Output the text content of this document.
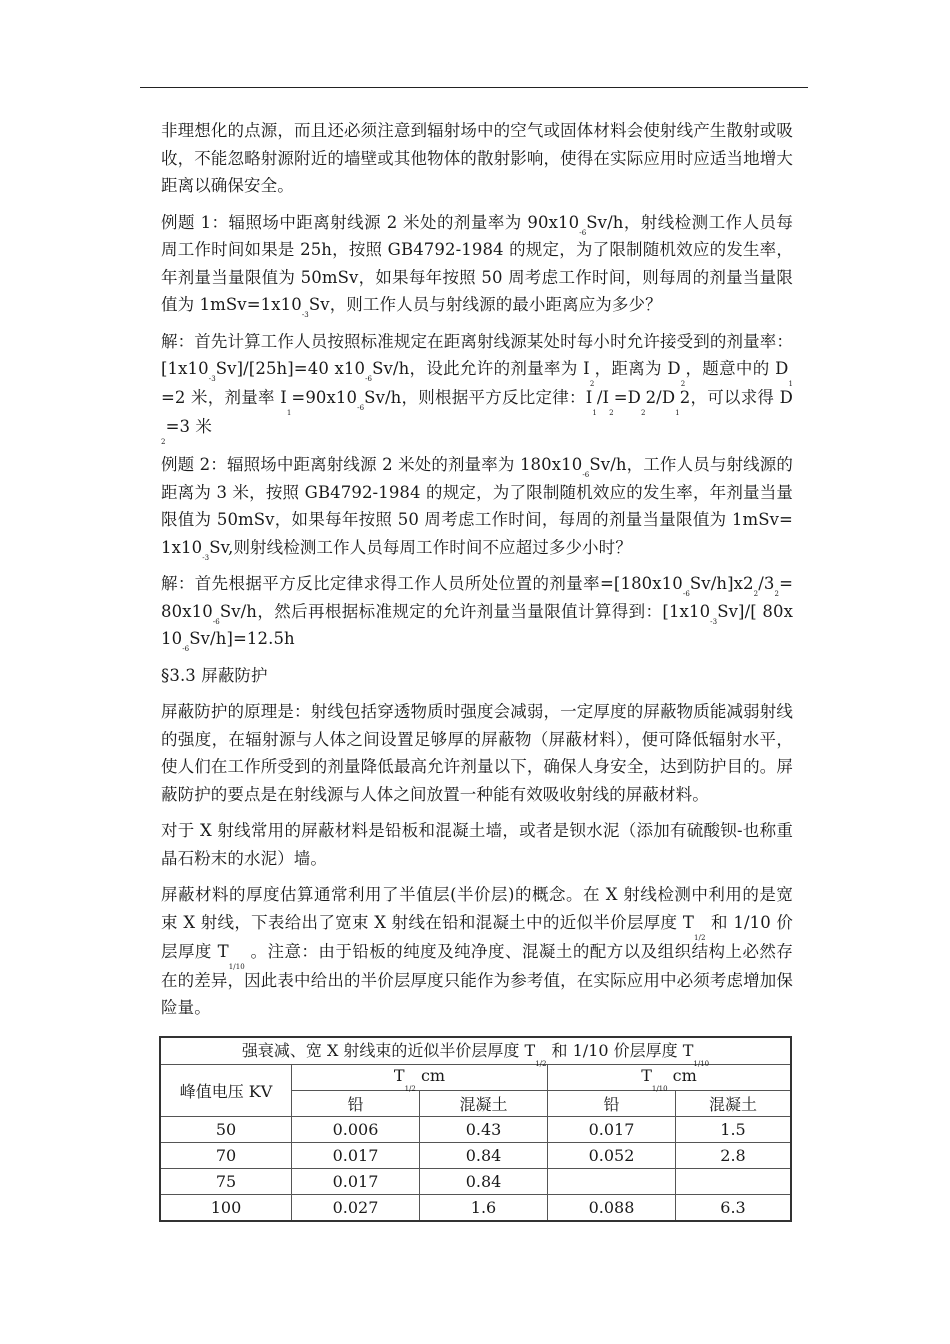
非理想化的点源，而且还必须注意到辐射场中的空气或固体材料会使射线产生散射或吸收，不能忽略射源附近的墙壁或其他物体的散射影响，使得在实际应用时应适当地增大距离以确保安全。

例题 1：辐照场中距离射线源 2 米处的剂量率为 $90x10_{-6}Sv/h$，射线检测工作人员每周工作时间如果是 25h，按照 GB4792-1984 的规定，为了限制随机效应的发生率，年剂量当量限值为 50mSv，如果每年按照 50 周考虑工作时间，则每周的剂量当量限值为 $1mSv=1x10_{-3}Sv$，则工作人员与射线源的最小距离应为多少？

解：首先计算工作人员按照标准规定在距离射线源某处时每小时允许接受到的剂量率：$[1x10_{-3}Sv]/[25h]=40$ $x10_{-6}Sv/h$，设此允许的剂量率为 $I_2$，距离为 $D_2$，题意中的 $D_1=2$ 米，剂量率 $I_1=90x10_{-6}Sv/h$，则根据平方反比定律：$I_1/I_2=D_22/D_12$，可以求得 $D_2=3$ 米

例题 2：辐照场中距离射线源 2 米处的剂量率为 $180x10_{-6}Sv/h$，工作人员与射线源的距离为 3 米，按照 GB4792-1984 的规定，为了限制随机效应的发生率，年剂量当量限值为 50mSv，如果每年按照 50 周考虑工作时间，每周的剂量当量限值为 $1mSv=1x10_{-3}Sv$,则射线检测工作人员每周工作时间不应超过多少小时？

解：首先根据平方反比定律求得工作人员所处位置的剂量率$=[180x10_{-6}Sv/h]x2_2/3_2=80x10_{-6}Sv/h$，然后再根据标准规定的允许剂量当量限值计算得到：$[1x10_{-3}Sv]/$[ $80x10_{-6}Sv/h]=12.5h$

§3.3 屏蔽防护

屏蔽防护的原理是：射线包括穿透物质时强度会减弱，一定厚度的屏蔽物质能减弱射线的强度，在辐射源与人体之间设置足够厚的屏蔽物（屏蔽材料），便可降低辐射水平，使人们在工作所受到的剂量降低最高允许剂量以下，确保人身安全，达到防护目的。屏蔽防护的要点是在射线源与人体之间放置一种能有效吸收射线的屏蔽材料。

对于 X 射线常用的屏蔽材料是铅板和混凝土墙，或者是钡水泥（添加有硫酸钡-也称重晶石粉末的水泥）墙。

屏蔽材料的厚度估算通常利用了半值层(半价层)的概念。在 X 射线检测中利用的是宽束 X 射线，下表给出了宽束 X 射线在铅和混凝土中的近似半价层厚度 $T_{1/2}$ 和 1/10 价层厚度 $T_{1/10}$ 。注意：由于铅板的纯度及纯净度、混凝土的配方以及组织结构上必然存在的差异，因此表中给出的半价层厚度只能作为参考值，在实际应用中必须考虑增加保险量。

强衰减、宽 X 射线束的近似半价层厚度 $T_{1/2}$ 和 1/10 价层厚度 $T_{1/10}$
峰值电压 KV	$T_{1/2}$ cm		$T_{1/10}$ cm	
	铅	混凝土	铅	混凝土
50	0.006	0.43	0.017	1.5
70	0.017	0.84	0.052	2.8
75	0.017	0.84		
100	0.027	1.6	0.088	6.3
